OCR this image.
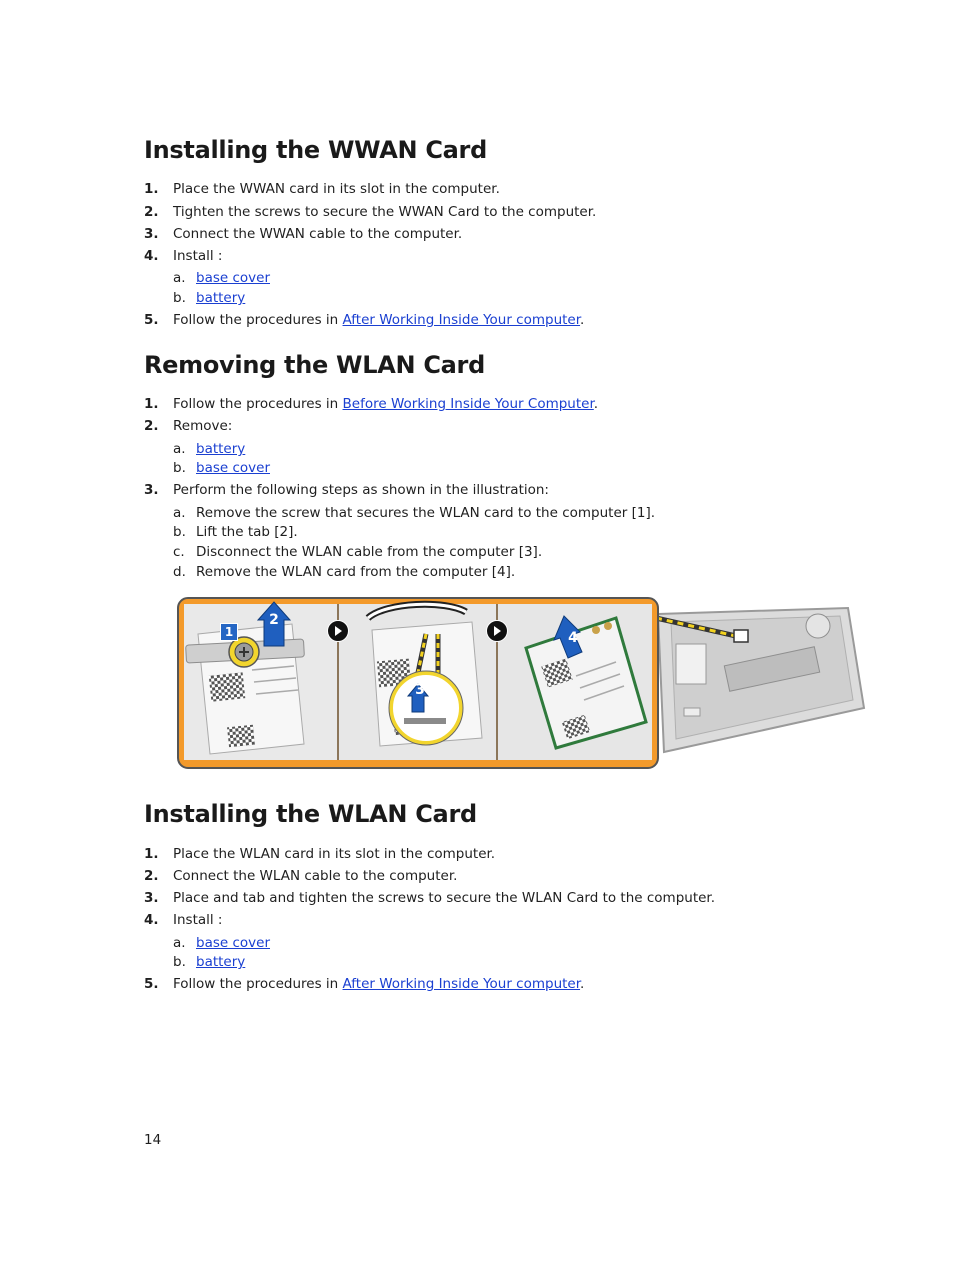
Installing the WWAN Card
1. Place the WWAN card in its slot in the computer.
2. Tighten the screws to secure the WWAN Card to the computer.
3. Connect the WWAN cable to the computer.
4. Install :
a. base cover
b. battery
5. Follow the procedures in After Working Inside Your computer.
Removing the WLAN Card
1. Follow the procedures in Before Working Inside Your Computer.
2. Remove:
a. battery
b. base cover
3. Perform the following steps as shown in the illustration:
a. Remove the screw that secures the WLAN card to the computer [1].
b. Lift the tab [2].
c. Disconnect the WLAN cable from the computer [3].
d. Remove the WLAN card from the computer [4].
Installing the WLAN Card
1. Place the WLAN card in its slot in the computer.
2. Connect the WLAN cable to the computer.
3. Place and tab and tighten the screws to secure the WLAN Card to the computer.
4. Install :
a. base cover
b. battery
5. Follow the procedures in After Working Inside Your computer.
1
2
3
4
14
